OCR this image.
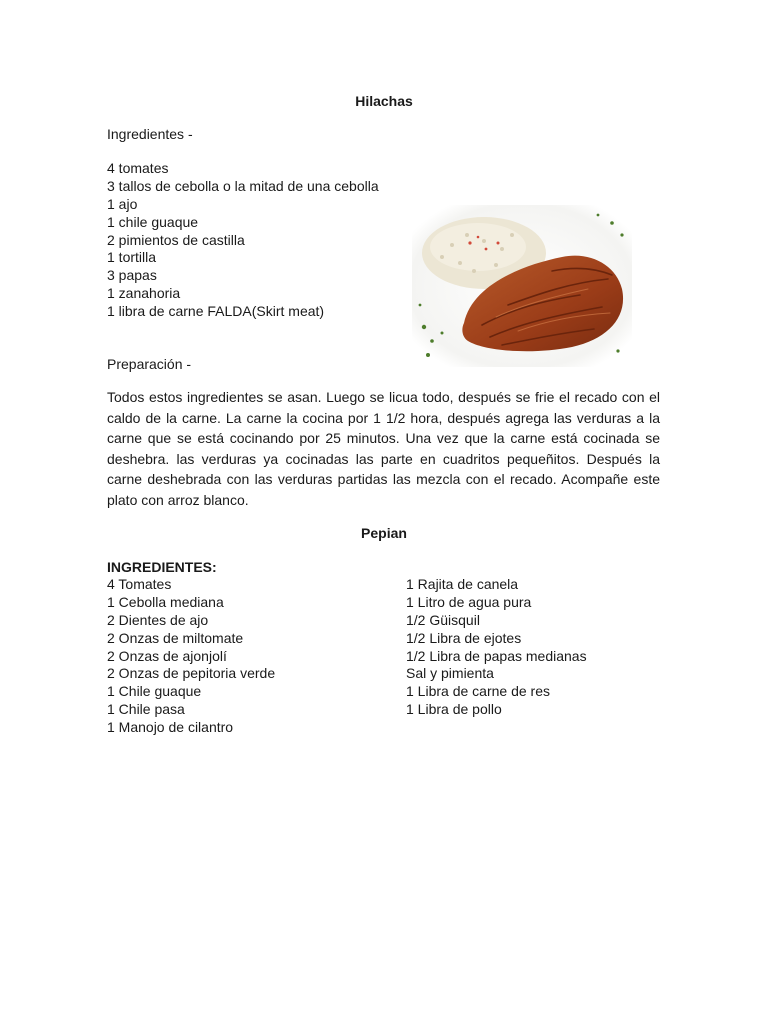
Hilachas
Ingredientes -
4 tomates
3 tallos de cebolla o la mitad de una cebolla
1 ajo
1 chile guaque
2 pimientos de castilla
1 tortilla
3 papas
1 zanahoria
1 libra de carne FALDA(Skirt meat)
Preparación -

Todos estos ingredientes se asan. Luego se licua todo, después se frie el recado con el caldo de la carne. La carne la cocina por 1 1/2 hora, después agrega las verduras a la carne que se está cocinando por 25 minutos. Una vez que la carne está cocinada se deshebra. las verduras ya cocinadas las parte en cuadritos pequeñitos. Después la carne deshebrada con las verduras partidas las mezcla con el recado. Acompañe este plato con arroz blanco.

Pepian
INGREDIENTES:
4 Tomates
1 Cebolla mediana
2 Dientes de ajo
2 Onzas de miltomate
2 Onzas de ajonjolí
2 Onzas de pepitoria verde
1 Chile guaque
1 Chile pasa
1 Manojo de cilantro
1 Rajita de canela
1 Litro de agua pura
1/2 Güisquil
1/2 Libra de ejotes
1/2 Libra de papas medianas
Sal y pimienta
1 Libra de carne de res
1 Libra de pollo
